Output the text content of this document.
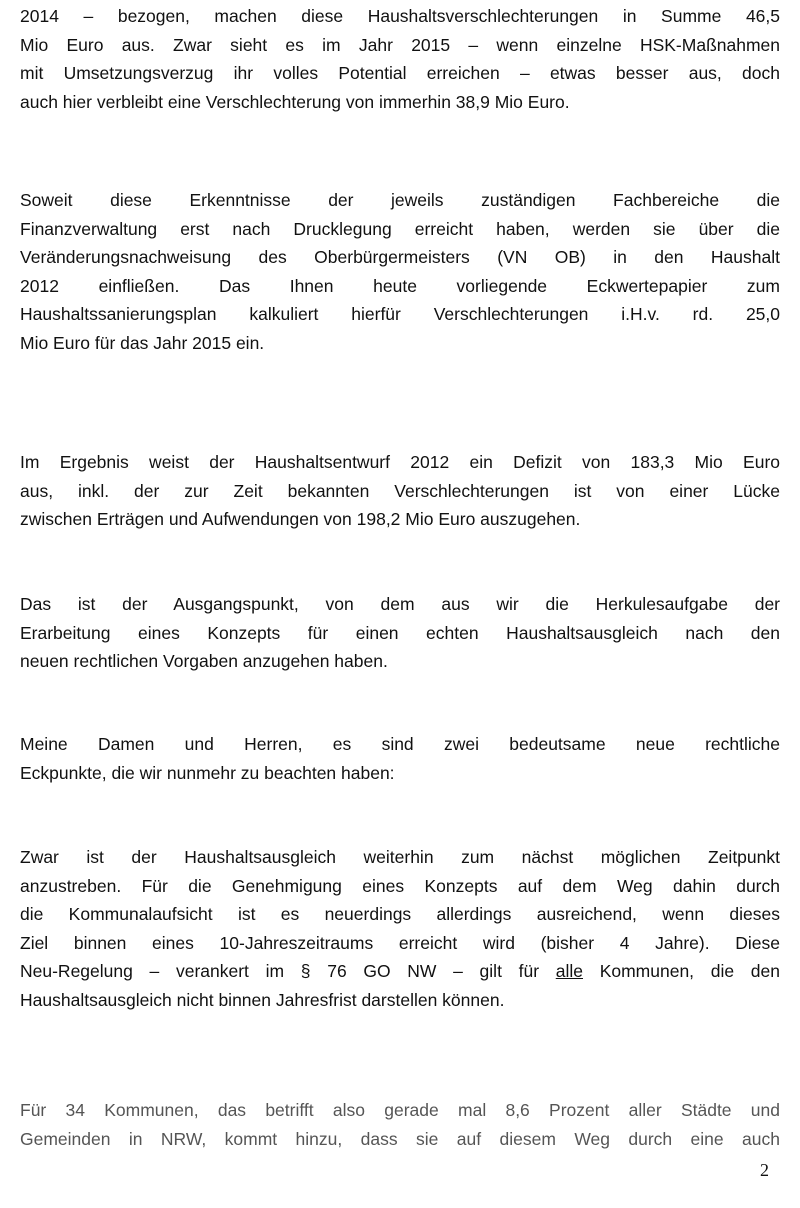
2014 – bezogen, machen diese Haushaltsverschlechterungen in Summe 46,5
Mio Euro aus. Zwar sieht es im Jahr 2015 – wenn einzelne HSK-Maßnahmen
mit Umsetzungsverzug ihr volles Potential erreichen – etwas besser aus, doch
auch hier verbleibt eine Verschlechterung von immerhin 38,9 Mio Euro.
Soweit diese Erkenntnisse der jeweils zuständigen Fachbereiche die
Finanzverwaltung erst nach Drucklegung erreicht haben, werden sie über die
Veränderungsnachweisung des Oberbürgermeisters (VN OB) in den Haushalt
2012 einfließen. Das Ihnen heute vorliegende Eckwertepapier zum
Haushaltssanierungsplan kalkuliert hierfür Verschlechterungen i.H.v. rd. 25,0
Mio Euro für das Jahr 2015 ein.
Im Ergebnis weist der Haushaltsentwurf 2012 ein Defizit von 183,3 Mio Euro
aus, inkl. der zur Zeit bekannten Verschlechterungen ist von einer Lücke
zwischen Erträgen und Aufwendungen von 198,2 Mio Euro auszugehen.
Das ist der Ausgangspunkt, von dem aus wir die Herkulesaufgabe der
Erarbeitung eines Konzepts für einen echten Haushaltsausgleich nach den
neuen rechtlichen Vorgaben anzugehen haben.
Meine Damen und Herren, es sind zwei bedeutsame neue rechtliche
Eckpunkte, die wir nunmehr zu beachten haben:
Zwar ist der Haushaltsausgleich weiterhin zum nächst möglichen Zeitpunkt
anzustreben. Für die Genehmigung eines Konzepts auf dem Weg dahin durch
die Kommunalaufsicht ist es neuerdings allerdings ausreichend, wenn dieses
Ziel binnen eines 10-Jahreszeitraums erreicht wird (bisher 4 Jahre). Diese
Neu-Regelung – verankert im § 76 GO NW – gilt für alle Kommunen, die den
Haushaltsausgleich nicht binnen Jahresfrist darstellen können.
Für 34 Kommunen, das betrifft also gerade mal 8,6 Prozent aller Städte und
Gemeinden in NRW, kommt hinzu, dass sie auf diesem Weg durch eine auch
2
